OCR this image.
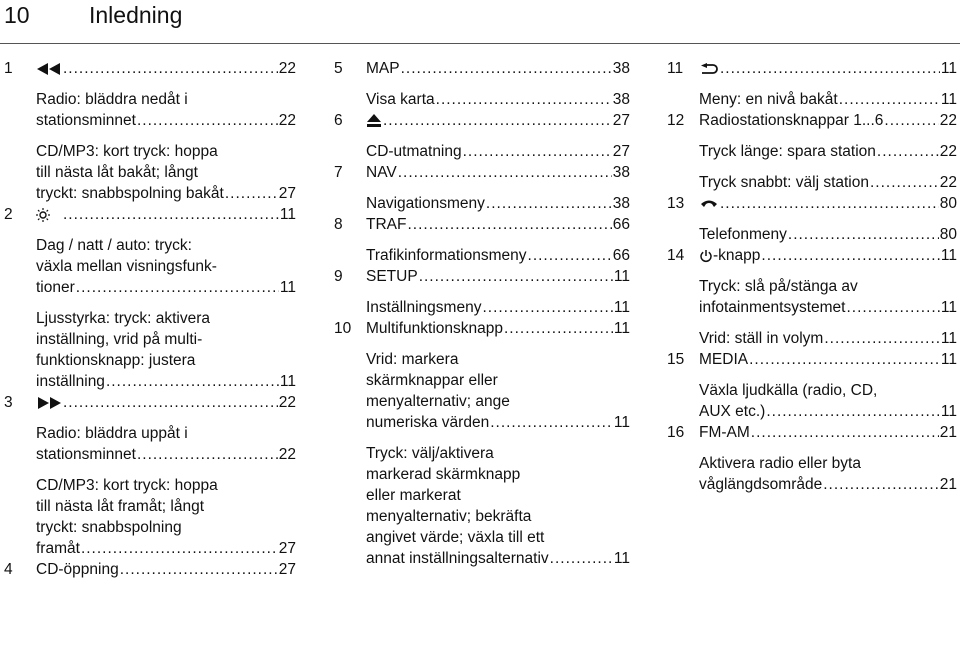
10	Inledning
1 .....	22
Radio: bläddra nedåt i
stationsminnet .....	22
CD/MP3: kort tryck: hoppa
till nästa låt bakåt; långt
tryckt: snabbspolning bakåt .....	27
2 .....	11
Dag / natt / auto: tryck:
växla mellan visningsfunk-
tioner .....	11
Ljusstyrka: tryck: aktivera
inställning, vrid på multi-
funktionsknapp: justera
inställning .....	11
3 .....	22
Radio: bläddra uppåt i
stationsminnet .....	22
CD/MP3: kort tryck: hoppa
till nästa låt framåt; långt
tryckt: snabbspolning
framåt .....	27
4 CD-öppning .....	27
5 MAP .....	38
Visa karta .....	38
6 .....	27
CD-utmatning .....	27
7 NAV .....	38
Navigationsmeny .....	38
8 TRAF .....	66
Trafikinformationsmeny .....	66
9 SETUP .....	11
Inställningsmeny .....	11
10 Multifunktionsknapp .....	11
Vrid: markera
skärmknappar eller
menyalternativ; ange
numeriska värden .....	11
Tryck: välj/aktivera
markerad skärmknapp
eller markerat
menyalternativ; bekräfta
angivet värde; växla till ett
annat inställningsalternativ .....	11
11 .....	11
Meny: en nivå bakåt .....	11
12 Radiostationsknappar 1...6 .....	22
Tryck länge: spara station .....	22
Tryck snabbt: välj station .....	22
13 .....	80
Telefonmeny .....	80
14	-knapp .....	11
Tryck: slå på/stänga av
infotainmentsystemet .....	11
Vrid: ställ in volym .....	11
15 MEDIA .....	11
Växla ljudkälla (radio, CD,
AUX etc.) .....	11
16 FM-AM .....	21
Aktivera radio eller byta
våglängdsområde .....	21
